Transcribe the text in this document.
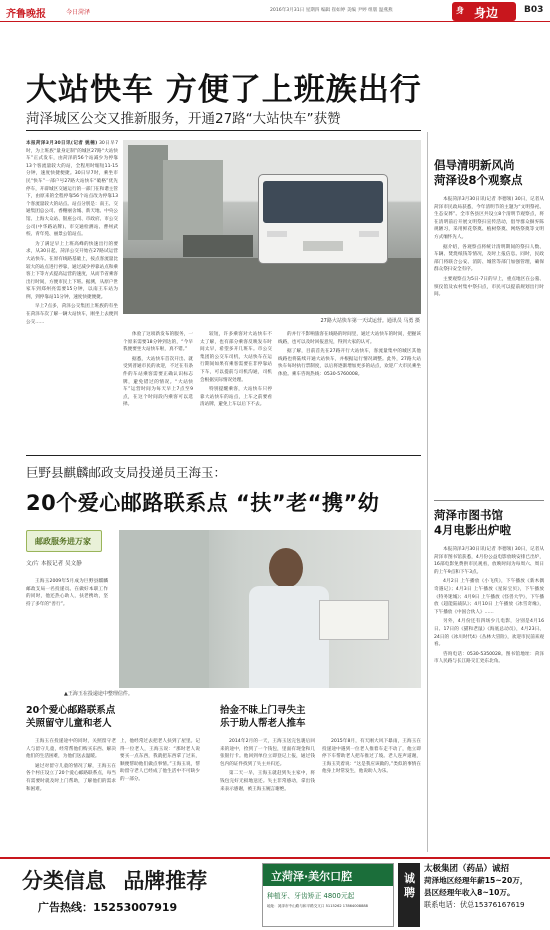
齐鲁晚报	今日菏泽	2016年3月31日 星期四 编辑 崔如婷 美编 尹婷 组版 温燕燕	身 身边	B03
大站快车 方便了上班族出行
菏泽城区公交又推新服务，开通27路“大站快车”获赞

本报菏泽3月30日讯(记者 姚楠) 30日早7时，为上班族“量身定制”的城区27路“大站快车”正式发车，由菏泽的56个站减少为停靠13个客流量较大的站，全程用时缩短11-15分钟，速度快捷便捷。30日早7时，乘坐市民“快车”一部户号27路大站快车“破格”优先停车，开辟城区交通运行的一部门在和谐主管下，由原来的全程停靠56个站点改为停靠13个客流量较大的站点。站点分别是：南王、交通集团总公司、香榭丽舍城、新天地、中央公馆、上海大众站、银座公司、市政府、市公交公司(中华路站牌)、市交通检测站、曹州武校、青年苑、丽景公馆站点。

为了满足早上上班高峰的快速出行的要求，从30日起，菏泽公交开始在27路试运营大站快车。在原有线路基础上，按点客流量比较大的站点进行停靠，通过减少停靠站点和乘客上下等方式提高运营的速度，从而节省乘客出行时间，方便市民上下班。据测，从原户世家车到郑州亮需要15分钟，以南王车站为例，到停靠站11分钟，速度快捷便捷。

早上7点多，菏泽公交集团上班族的有坐在菏泽车次了解一辆大站快车，刚坐上去便到公交……	27路大站快车第一天试运营。通讯员 马勇 摄

体验了这项新发布的服务，一个原来需要18分钟到达的，“今早我便要坐大站快车啦，真不错。”

据悉，大站快车首次开出、就受到普通市民的欢迎，不过在有条件的车站乘客需要正确认识标志牌，避免错过的情况。“大站快车”运营时间为每天早上7点至9点，在这个时间段内乘客可以选择。

较短，许多乘客对大站快车不太了解，也有部分乘客反映发车时间太早，希望多开几班车。市公交集团的公交车司机，大站快车在运行期间如果有乘客需要在非停靠站下车，可以提前与司机沟通，司机会根据实际情况处理。

特别提醒乘客，大站快车只停靠大站快车的站点，上车之前要看清站牌，避免上车以后下不去。

的并行不影响旅客在线路的时间里，通过大站快车的时间，把握该线路，也可以及时回报意见，得到大家的认可。

据了解，目前首先在27路开行大站快车，客流量集中的城区其他线路也将陆续开通大站快车，并根据运行情况调整。此外，27路大站快车每时执行票制度，以后将逐渐增加更多的站点，欢迎广大市民乘坐体验。乘车咨询热线：0530-5760008。

倡导清明新风尚
菏泽设8个观察点

本报菏泽3月30日讯(记者 李德领) 30日，记者从菏泽市民政局获悉，今年清明节的主题为“文明祭祀、生态安葬”。全市各县区共设立8个清明节观察点，将在清明前后开展文明祭扫宣传活动，倡导群众摒弃陈规陋习，采用鲜花祭奠、植树祭奠、网络祭奠等文明方式缅怀先人。

据介绍，各观察点将统计清明期间的祭扫人数、车辆、焚烧纸钱等情况，及时上报信息。同时，民政部门将联合公安、消防、城管等部门加强管理，确保群众祭扫安全有序。

主要观察点为5日-7日的早上，重点地区在公墓、殡仪馆及农村集中祭扫点，市民可以提前规划出行时间。

菏泽市图书馆
4月电影出炉啦

本报菏泽3月30日讯(记者 李德领) 30日，记者从菏泽市图书馆获悉，4月份公益电影放映安排已出炉，16部电影免费供市民观看，放映时间为每周六、周日的上午9点和下午3点。

4月2日 上午播放《小飞侠》，下午播放《新木偶奇遇记》；4月3日 上午播放《星际宝贝》，下午播放《特务迷城》；4月9日 上午播放《怪兽大学》，下午播放《超能陆战队》；4月10日 上午播放《冰雪奇缘》，下午播放《中国合伙人》……

另外，4月份还有四场少儿电影，分别是4月16日、17日的《猫和老鼠》《海底总动员》，4月23日、24日的《冰川时代4》《丛林大冒险》，欢迎市民前来观看。

咨询电话：0530-5350028。图书馆地址：菏泽市人民路与长江路交汇处东北角。

巨野县麒麟邮政支局投递员王海玉：
20个爱心邮路联系点 “扶”老“携”幼
邮政服务进万家
文/片 本报记者 吴文静
王海玉2009年5月成为巨野县麒麟邮政支局一名投递员。在做好本职工作的同时，他还热心助人，扶老携幼，坚持了多年的“善行”。
▲王海玉在投递途中整理信件。
20个爱心邮路联系点
关照留守儿童和老人

王海玉在投递途中的同时，关照留守老人与留守儿童，经常帮他们购买东西、解决他们的生活困难，为他们送去温暖。

通过对留守儿童的情况了解，王海玉在各个村庄设立了20个爱心邮路联系点，每当有需要时就及时上门帮助，了解他们的需求和困难。

上，他经常过去把老人扶到了屋里。记得一位老人，王海玉说：“那时老人说要买一点东西，我就把东西拿了过来，顺便帮助他们做点事情。”王海玉说，帮助留守老人已经成了他生活中不可缺少的一部分。
拾金不昧上门寻失主
乐于助人帮老人推车

2014年2月的一天，王海玉送完包裹后回来的途中，捡到了一个钱包，里面有现金和几张银行卡。他回到单位立即登记上报，通过钱包内的证件找到了失主并归还。

第二天一早，王海玉就赶到失主家中，将钱包完好无损地送还。失主非常感动，拿出钱来表示感谢，被王海玉婉言谢绝。

2015年8月，有天刚大风下暴雨，王海玉在投递途中遇到一位老人推着车走不动了，他立即停下车帮助老人把车推过了坡。老人连声道谢，王海玉笑着说：“这是我应该做的。”类似的事情在他身上时常发生，他说助人为乐。
分类信息 品牌推荐
广告热线：15253007919
立菏泽·美尔口腔
种植牙、牙齿矫正 4800元起
地址：菏泽市中山路与和平路交叉口 5115262 17864008888
诚聘
太极集团（药品）诚招
菏泽地区经理年薪15~20万，
县区经理年收入8~10万。
联系电话：伏总15376167619
